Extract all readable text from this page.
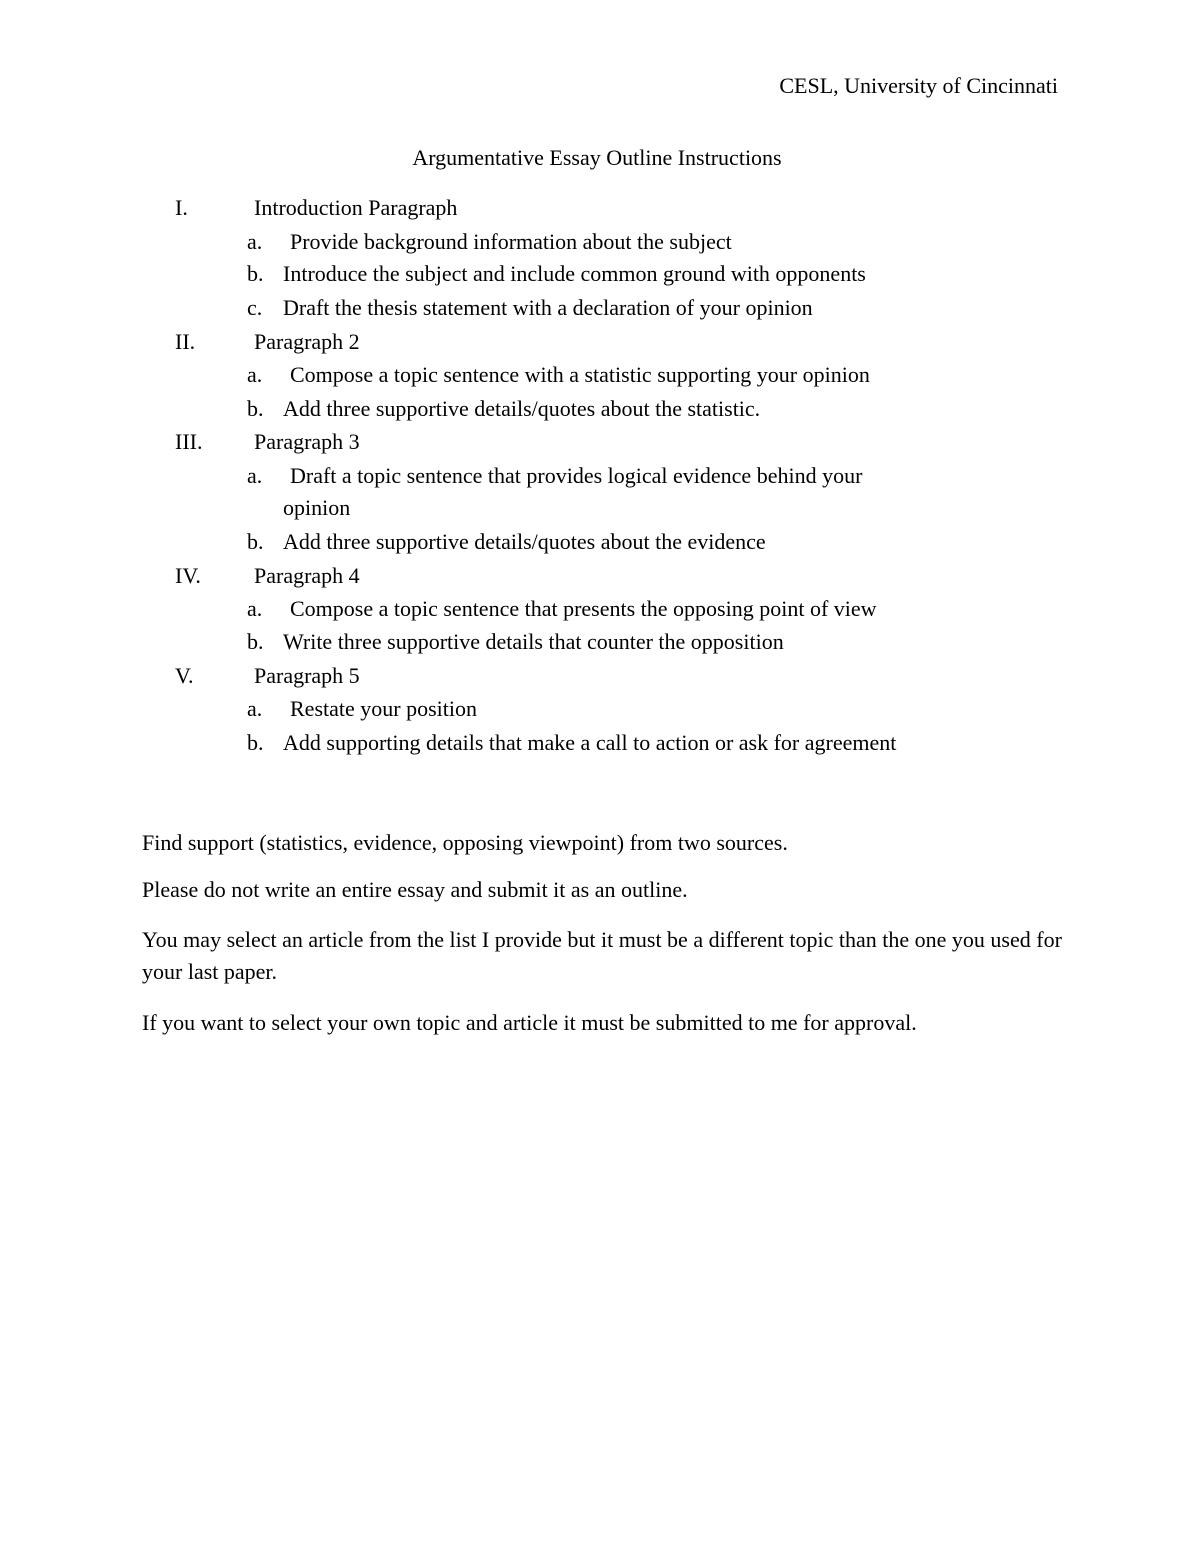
CESL, University of Cincinnati
Argumentative Essay Outline Instructions
I.	Introduction Paragraph
a. Provide background information about the subject
b. Introduce the subject and include common ground with opponents
c. Draft the thesis statement with a declaration of your opinion
II.	Paragraph 2
a. Compose a topic sentence with a statistic supporting your opinion
b. Add three supportive details/quotes about the statistic.
III. Paragraph 3
a. Draft a topic sentence that provides logical evidence behind your
opinion
b. Add three supportive details/quotes about the evidence
IV. Paragraph 4
a. Compose a topic sentence that presents the opposing point of view
b. Write three supportive details that counter the opposition
V.	Paragraph 5
a. Restate your position
b. Add supporting details that make a call to action or ask for agreement
Find support (statistics, evidence, opposing viewpoint) from two sources.
Please do not write an entire essay and submit it as an outline.
You may select an article from the list I provide but it must be a different topic than the one you used for your last paper.
If you want to select your own topic and article it must be submitted to me for approval.
